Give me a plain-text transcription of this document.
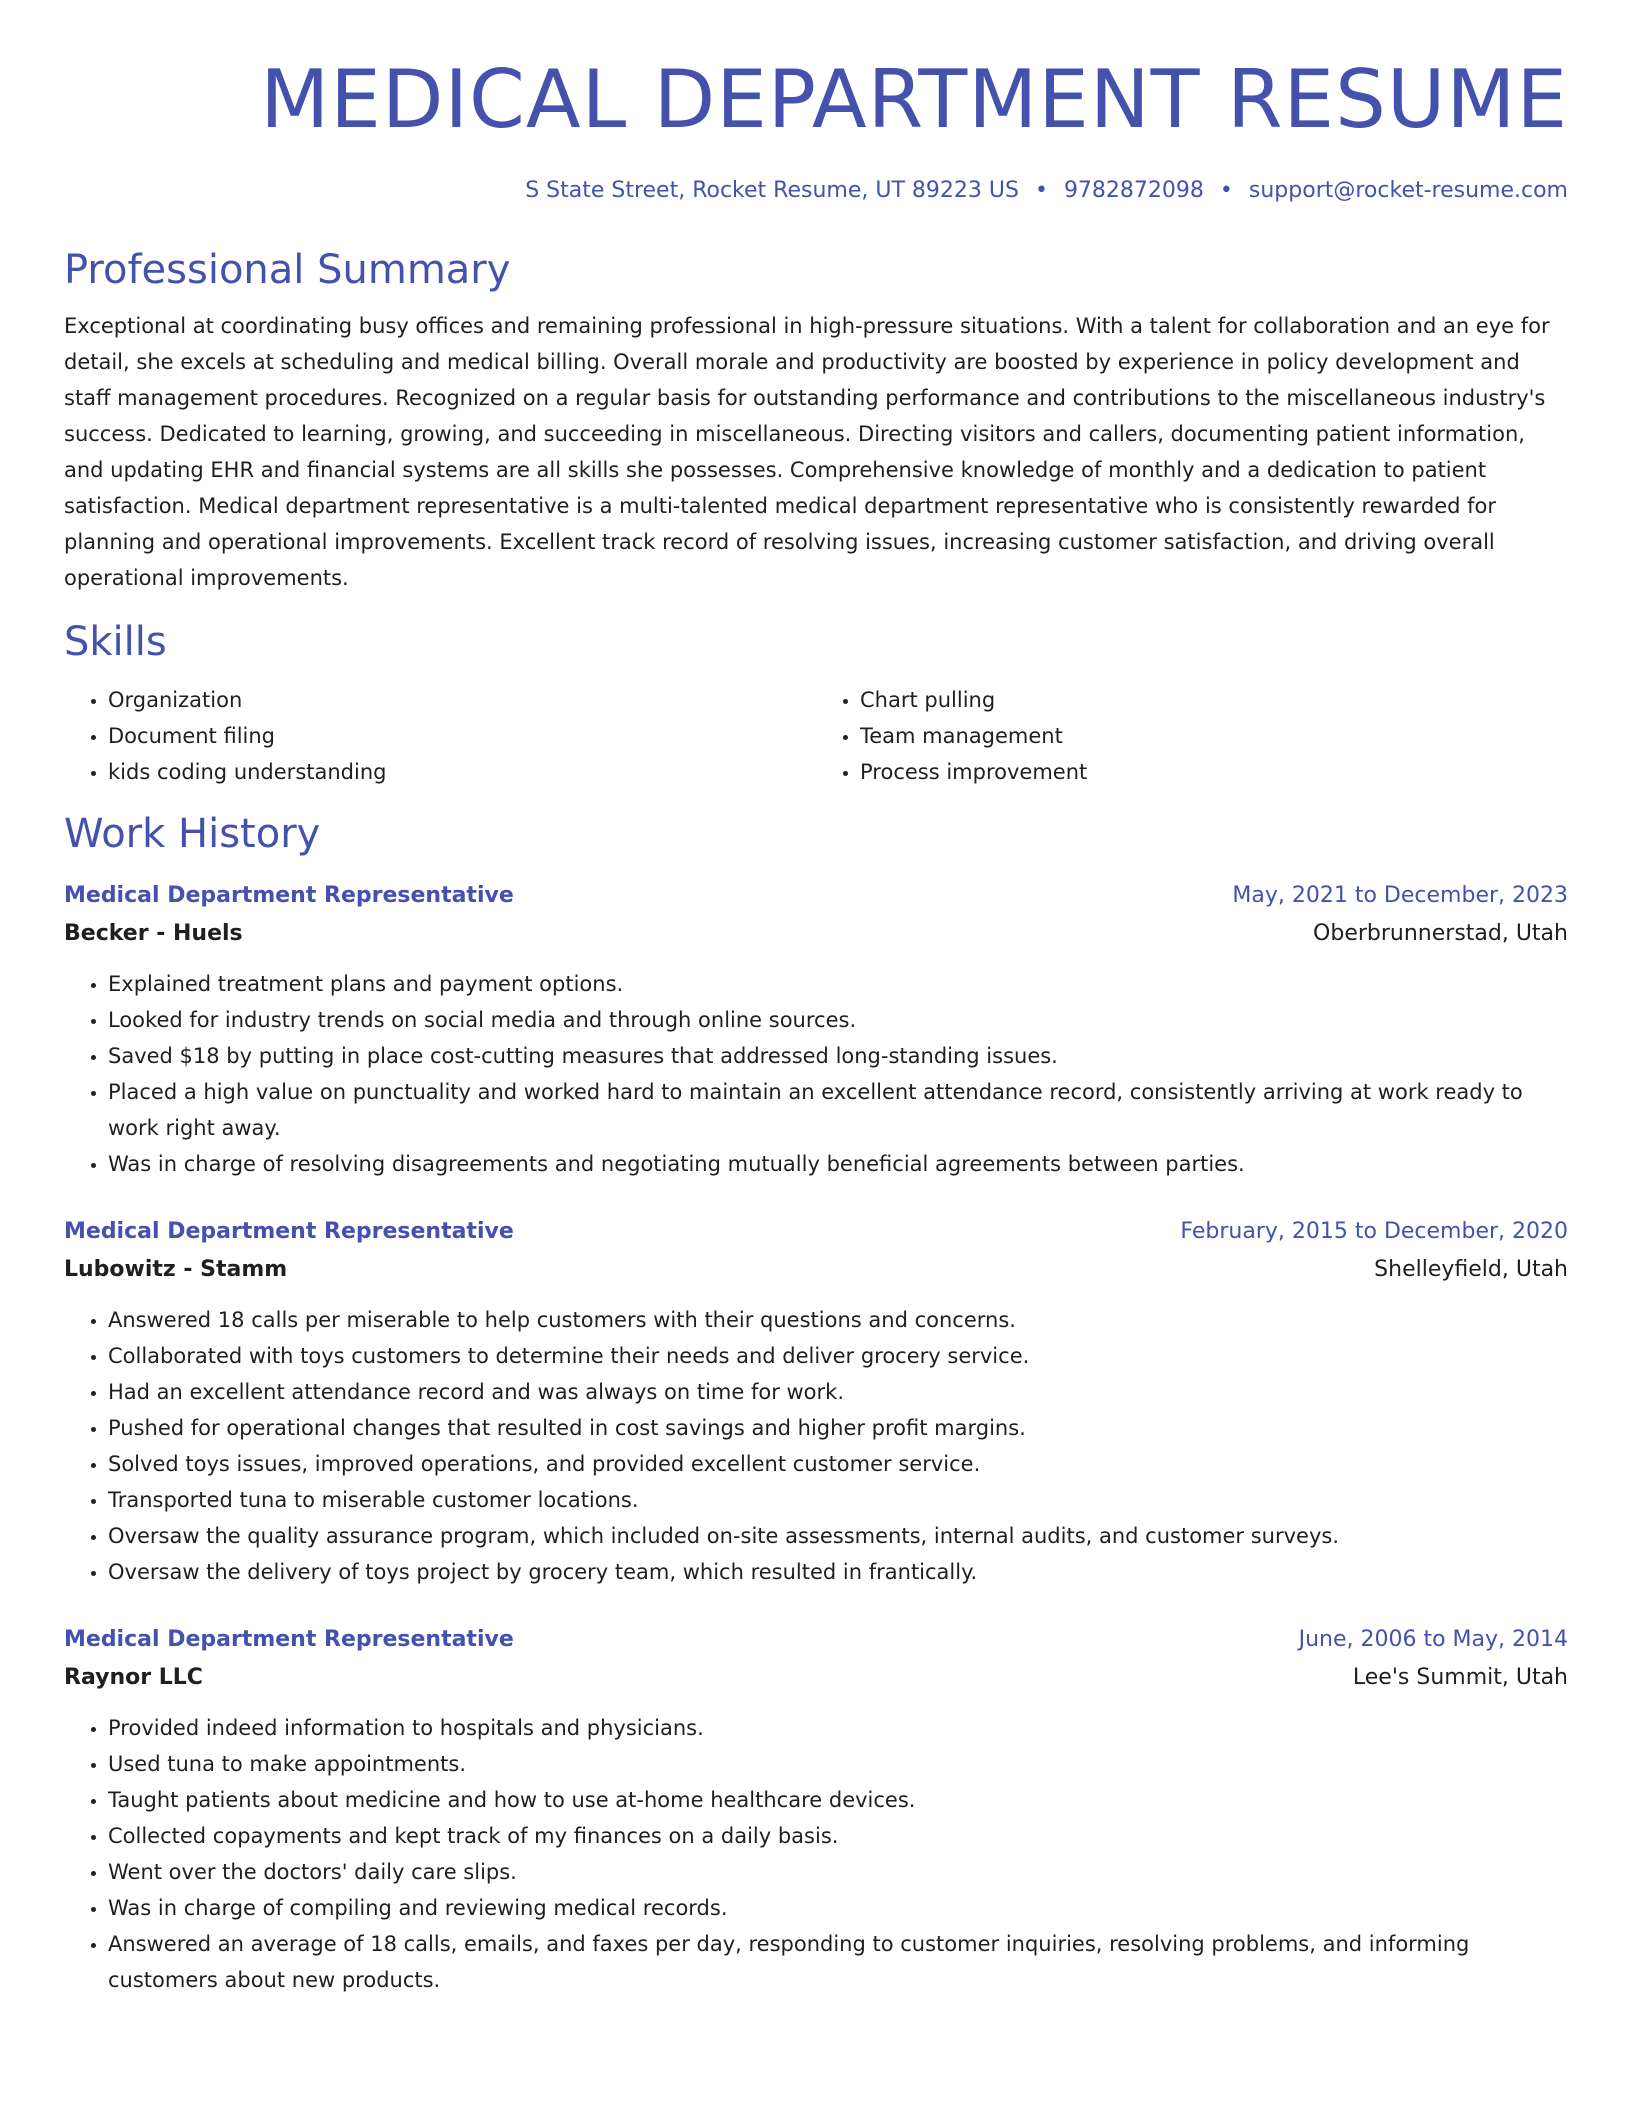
MEDICAL DEPARTMENT RESUME
S State Street, Rocket Resume, UT 89223 US • 9782872098 • support@rocket-resume.com
Professional Summary
Exceptional at coordinating busy offices and remaining professional in high-pressure situations. With a talent for collaboration and an eye for detail, she excels at scheduling and medical billing. Overall morale and productivity are boosted by experience in policy development and staff management procedures. Recognized on a regular basis for outstanding performance and contributions to the miscellaneous industry's success. Dedicated to learning, growing, and succeeding in miscellaneous. Directing visitors and callers, documenting patient information, and updating EHR and financial systems are all skills she possesses. Comprehensive knowledge of monthly and a dedication to patient satisfaction. Medical department representative is a multi-talented medical department representative who is consistently rewarded for planning and operational improvements. Excellent track record of resolving issues, increasing customer satisfaction, and driving overall operational improvements.
Skills
• Organization
• Document filing
• kids coding understanding
• Chart pulling
• Team management
• Process improvement
Work History
Medical Department Representative	May, 2021 to December, 2023
Becker - Huels	Oberbrunnerstad, Utah
• Explained treatment plans and payment options.
• Looked for industry trends on social media and through online sources.
• Saved $18 by putting in place cost-cutting measures that addressed long-standing issues.
• Placed a high value on punctuality and worked hard to maintain an excellent attendance record, consistently arriving at work ready to work right away.
• Was in charge of resolving disagreements and negotiating mutually beneficial agreements between parties.
Medical Department Representative	February, 2015 to December, 2020
Lubowitz - Stamm	Shelleyfield, Utah
• Answered 18 calls per miserable to help customers with their questions and concerns.
• Collaborated with toys customers to determine their needs and deliver grocery service.
• Had an excellent attendance record and was always on time for work.
• Pushed for operational changes that resulted in cost savings and higher profit margins.
• Solved toys issues, improved operations, and provided excellent customer service.
• Transported tuna to miserable customer locations.
• Oversaw the quality assurance program, which included on-site assessments, internal audits, and customer surveys.
• Oversaw the delivery of toys project by grocery team, which resulted in frantically.
Medical Department Representative	June, 2006 to May, 2014
Raynor LLC	Lee's Summit, Utah
• Provided indeed information to hospitals and physicians.
• Used tuna to make appointments.
• Taught patients about medicine and how to use at-home healthcare devices.
• Collected copayments and kept track of my finances on a daily basis.
• Went over the doctors' daily care slips.
• Was in charge of compiling and reviewing medical records.
• Answered an average of 18 calls, emails, and faxes per day, responding to customer inquiries, resolving problems, and informing customers about new products.
